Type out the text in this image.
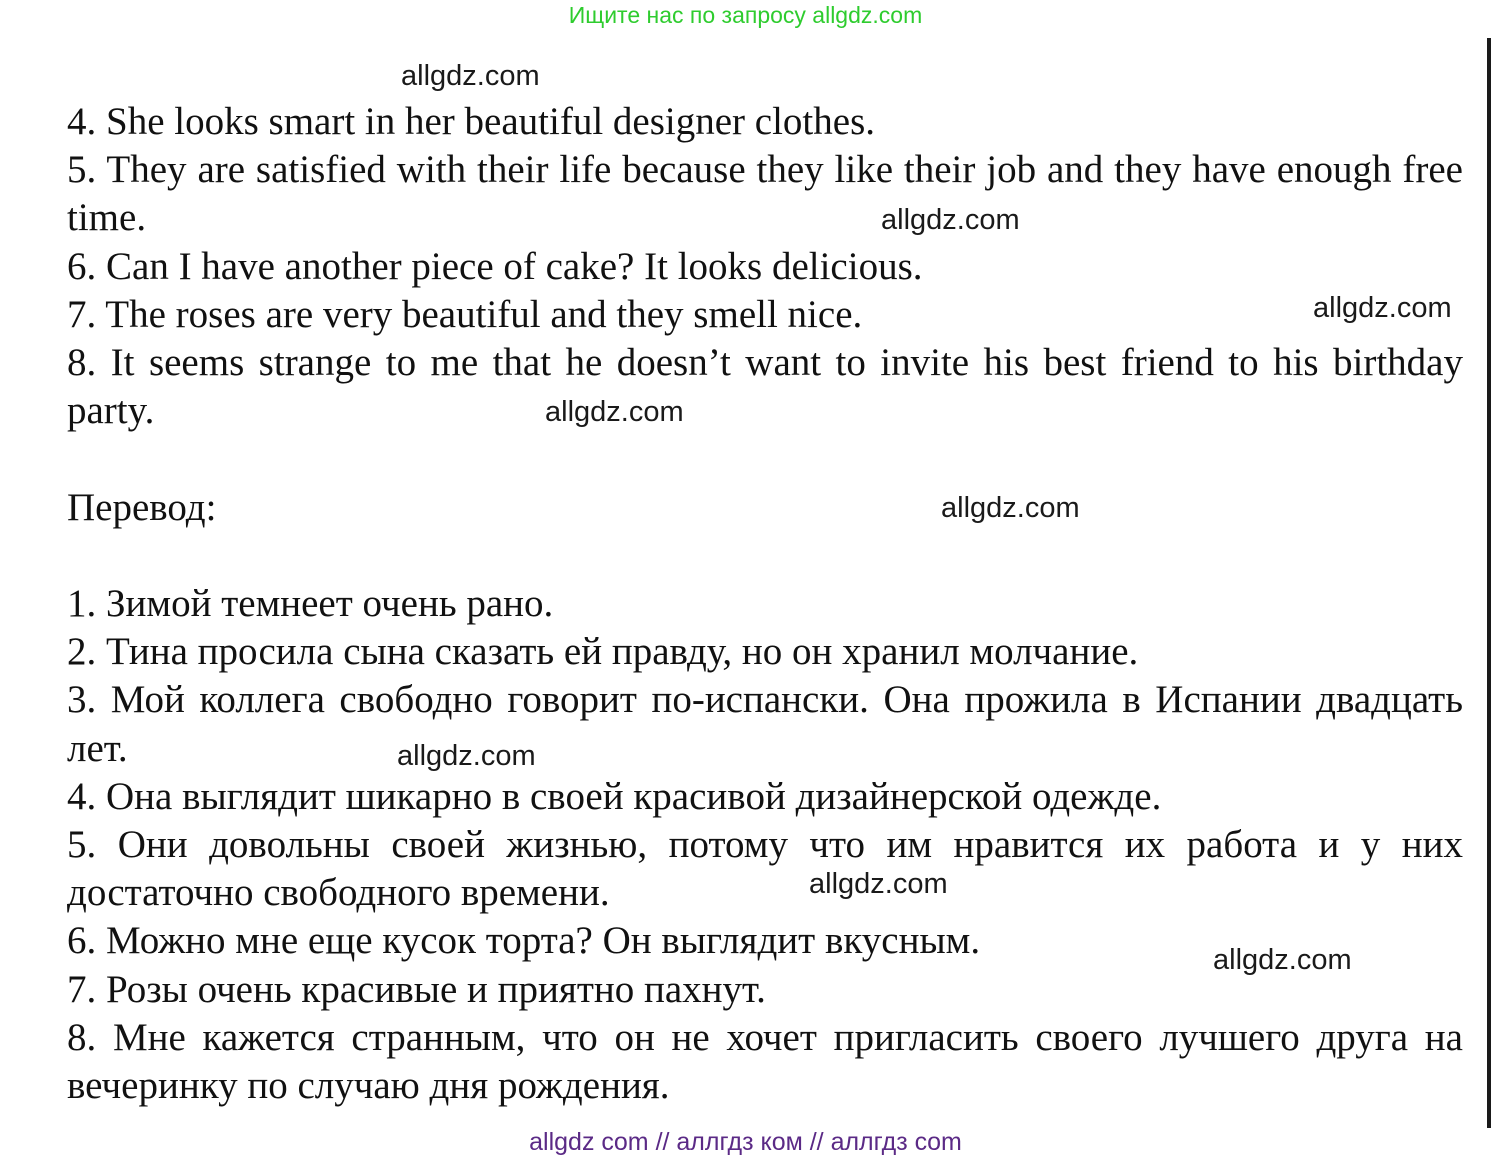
Ищите нас по запросу allgdz.com

4. She looks smart in her beautiful designer clothes.

5. They are satisfied with their life because they like their job and they have enough free time.

6. Can I have another piece of cake? It looks delicious.

7. The roses are very beautiful and they smell nice.

8. It seems strange to me that he doesn’t want to invite his best friend to his birthday party.

Перевод:

1. Зимой темнеет очень рано.

2. Тина просила сына сказать ей правду, но он хранил молчание.

3. Мой коллега свободно говорит по-испански. Она прожила в Испании двадцать лет.

4. Она выглядит шикарно в своей красивой дизайнерской одежде.

5. Они довольны своей жизнью, потому что им нравится их работа и у них достаточно свободного времени.

6. Можно мне еще кусок торта? Он выглядит вкусным.

7. Розы очень красивые и приятно пахнут.

8. Мне кажется странным, что он не хочет пригласить своего лучшего друга на вечеринку по случаю дня рождения.

allgdz.com
allgdz.com
allgdz.com
allgdz.com
allgdz.com
allgdz.com
allgdz.com
allgdz.com
allgdz com // аллгдз ком // аллгдз com
